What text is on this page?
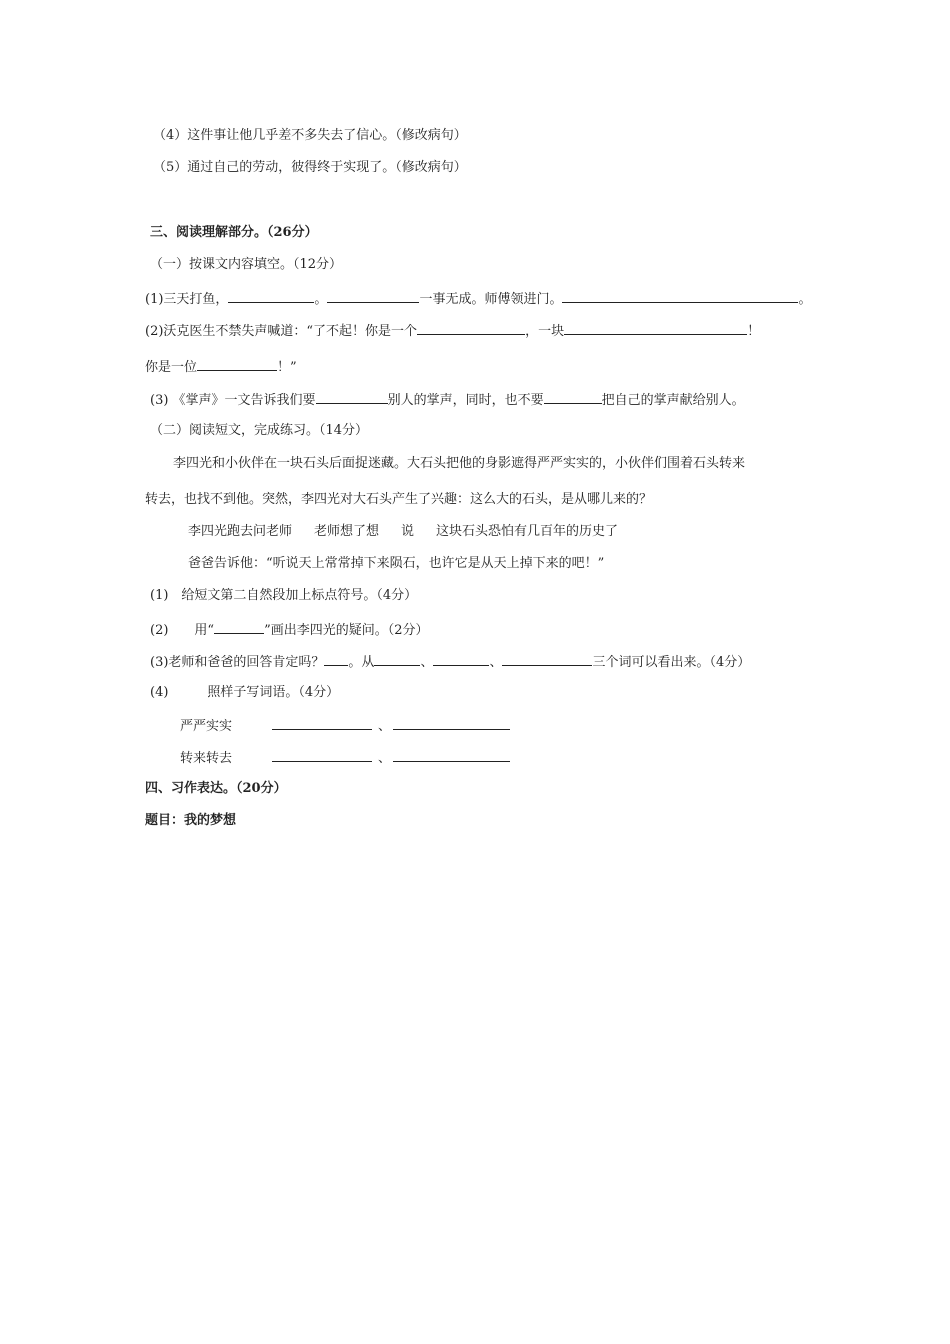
（4）这件事让他几乎差不多失去了信心。（修改病句）
（5）通过自己的劳动，彼得终于实现了。（修改病句）
三、阅读理解部分。（26分）
（一）按课文内容填空。（12分）
(1)三天打鱼，	。	一事无成。师傅领进门。	。
(2)沃克医生不禁失声喊道：“了不起！你是一个	，一块	！
你是一位	！”
(3) 《掌声》一文告诉我们要	别人的掌声，同时，也不要	把自己的掌声献给别人。
（二）阅读短文，完成练习。（14分）
李四光和小伙伴在一块石头后面捉迷藏。大石头把他的身影遮得严严实实的，小伙伴们围着石头转来
转去，也找不到他。突然，李四光对大石头产生了兴趣：这么大的石头，是从哪儿来的？
李四光跑去问老师 老师想了想 说 这块石头恐怕有几百年的历史了
爸爸告诉他：“听说天上常常掉下来陨石，也许它是从天上掉下来的吧！”
(1)　给短文第二自然段加上标点符号。（4分）
(2)　　用“	”画出李四光的疑问。（2分）
(3)老师和爸爸的回答肯定吗？ 。从	、	、	三个词可以看出来。（4分）
(4)　　　照样子写词语。（4分）
严严实实	、
转来转去	、
四、习作表达。（20分）
题目：我的梦想
